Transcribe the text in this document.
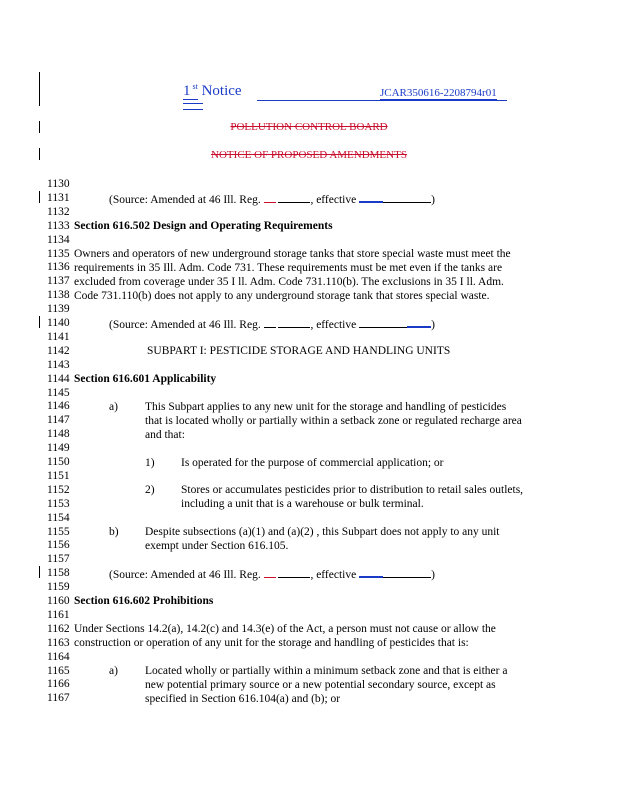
1 $^{st}$ Notice	JCAR350616-2208794r01
POLLUTION CONTROL BOARD
NOTICE OF PROPOSED AMENDMENTS
1130
1131
1132
1133
1134
1135
1136
1137
1138
1139
1140
1141
1142
1143
1144
1145
1146
1147
1148
1149
1150
1151
1152
1153
1154
1155
1156
1157
1158
1159
1160
1161
1162
1163
1164
1165
1166
1167
(Source: Amended at 46 Ill. Reg.	, effective	)
Section 616.502 Design and Operating Requirements
Owners and operators of new underground storage tanks that store special waste must meet the
requirements in 35 Ill. Adm. Code 731. These requirements must be met even if the tanks are
excluded from coverage under 35 I ll. Adm. Code 731.110(b). The exclusions in 35 I ll. Adm.
Code 731.110(b) does not apply to any underground storage tank that stores special waste.
(Source: Amended at 46 Ill. Reg.	, effective	)
SUBPART I: PESTICIDE STORAGE AND HANDLING UNITS
Section 616.601 Applicability
a) This Subpart applies to any new unit for the storage and handling of pesticides
that is located wholly or partially within a setback zone or regulated recharge area
and that:
1) Is operated for the purpose of commercial application; or
2) Stores or accumulates pesticides prior to distribution to retail sales outlets,
including a unit that is a warehouse or bulk terminal.
b) Despite subsections (a)(1) and (a)(2) , this Subpart does not apply to any unit
exempt under Section 616.105.
(Source: Amended at 46 Ill. Reg.	, effective	)
Section 616.602 Prohibitions
Under Sections 14.2(a), 14.2(c) and 14.3(e) of the Act, a person must not cause or allow the
construction or operation of any unit for the storage and handling of pesticides that is:
a) Located wholly or partially within a minimum setback zone and that is either a
new potential primary source or a new potential secondary source, except as
specified in Section 616.104(a) and (b); or
